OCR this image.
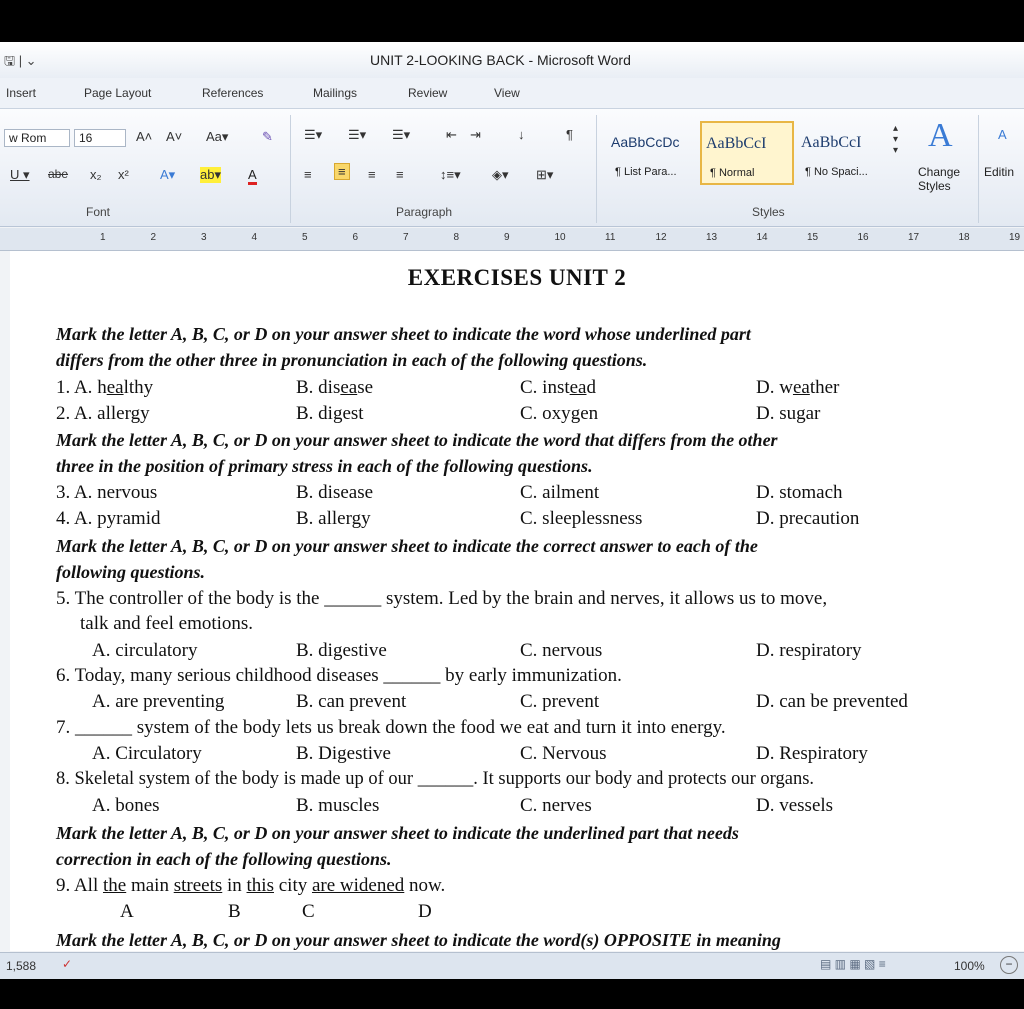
🖫 | ⌄	UNIT 2-LOOKING BACK - Microsoft Word
Insert	Page Layout	References	Mailings	Review	View
w Rom	16	A˄ A˅ Aa▾	✎
U ▾ abe x₂ x² A▾ ab▾ A
Font
☰▾ ☰▾ ☰▾	⇤ ⇥	↓	¶
≡	≡	≡ ≡	↕≡▾ ◈▾ ⊞▾
Paragraph
AaBbCcDc
¶ List Para...
AaBbCcI
¶ Normal
AaBbCcI
¶ No Spaci...
▴
▾
▾ A
Change Styles
Styles
A
Editin
1	2	3	4	5	6	7	8	9	10	11	12	13	14	15	16	17	18	19
EXERCISES UNIT 2
Mark the letter A, B, C, or D on your answer sheet to indicate the word whose underlined part
differs from the other three in pronunciation in each of the following questions.
1. A. healthy	B. disease	C. instead	D. weather
2. A. allergy	B. digest	C. oxygen	D. sugar
Mark the letter A, B, C, or D on your answer sheet to indicate the word that differs from the other
three in the position of primary stress in each of the following questions.
3. A. nervous	B. disease	C. ailment	D. stomach
4. A. pyramid	B. allergy	C. sleeplessness	D. precaution
Mark the letter A, B, C, or D on your answer sheet to indicate the correct answer to each of the
following questions.
5. The controller of the body is the ______ system. Led by the brain and nerves, it allows us to move,
talk and feel emotions.
A. circulatory	B. digestive	C. nervous	D. respiratory
6. Today, many serious childhood diseases ______ by early immunization.
A. are preventing	B. can prevent	C. prevent	D. can be prevented
7. ______ system of the body lets us break down the food we eat and turn it into energy.
A. Circulatory	B. Digestive	C. Nervous	D. Respiratory
8. Skeletal system of the body is made up of our ______. It supports our body and protects our organs.
A. bones	B. muscles	C. nerves	D. vessels
Mark the letter A, B, C, or D on your answer sheet to indicate the underlined part that needs
correction in each of the following questions.
9. All the main streets in this city are widened now.
A	B	C	D
Mark the letter A, B, C, or D on your answer sheet to indicate the word(s) OPPOSITE in meaning
1,588 ✓	▤ ▥ ▦ ▧ ≡	100%	−
